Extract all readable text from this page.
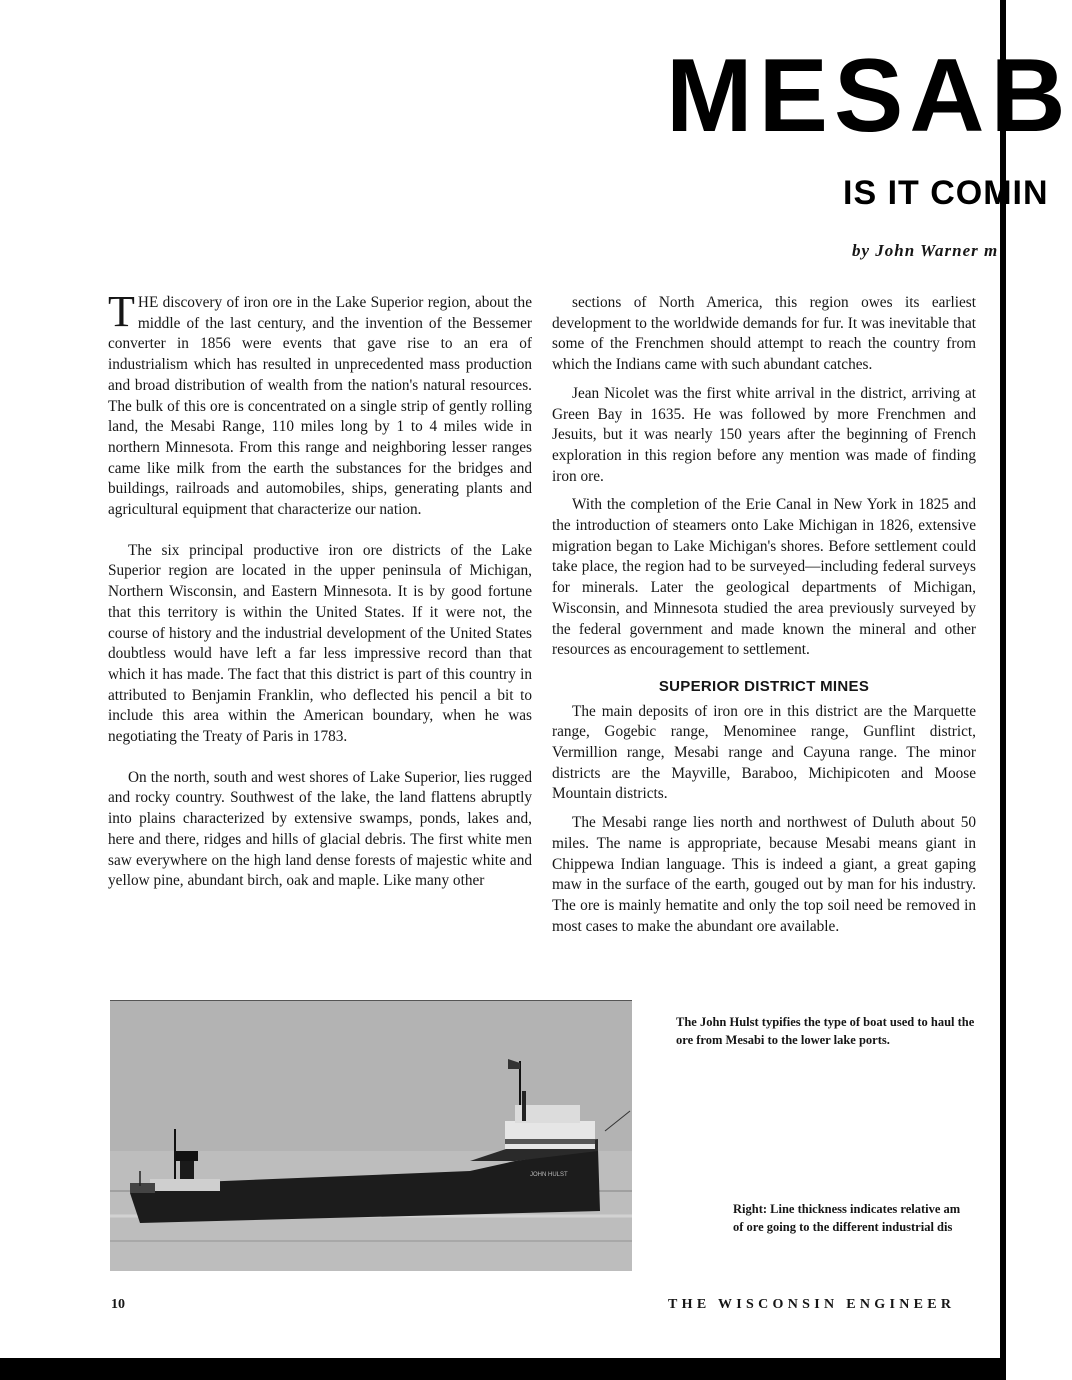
MESAB
IS IT COMIN
by John Warner m

THE discovery of iron ore in the Lake Superior region, about the middle of the last century, and the invention of the Bessemer converter in 1856 were events that gave rise to an era of industrialism which has resulted in unprecedented mass production and broad distribution of wealth from the nation's natural resources. The bulk of this ore is concentrated on a single strip of gently rolling land, the Mesabi Range, 110 miles long by 1 to 4 miles wide in northern Minnesota. From this range and neighboring lesser ranges came like milk from the earth the substances for the bridges and buildings, railroads and automobiles, ships, generating plants and agricultural equipment that characterize our nation.

The six principal productive iron ore districts of the Lake Superior region are located in the upper peninsula of Michigan, Northern Wisconsin, and Eastern Minnesota. It is by good fortune that this territory is within the United States. If it were not, the course of history and the industrial development of the United States doubtless would have left a far less impressive record than that which it has made. The fact that this district is part of this country in attributed to Benjamin Franklin, who deflected his pencil a bit to include this area within the American boundary, when he was negotiating the Treaty of Paris in 1783.

On the north, south and west shores of Lake Superior, lies rugged and rocky country. Southwest of the lake, the land flattens abruptly into plains characterized by extensive swamps, ponds, lakes and, here and there, ridges and hills of glacial debris. The first white men saw everywhere on the high land dense forests of majestic white and yellow pine, abundant birch, oak and maple. Like many other

sections of North America, this region owes its earliest development to the worldwide demands for fur. It was inevitable that some of the Frenchmen should attempt to reach the country from which the Indians came with such abundant catches.

Jean Nicolet was the first white arrival in the district, arriving at Green Bay in 1635. He was followed by more Frenchmen and Jesuits, but it was nearly 150 years after the beginning of French exploration in this region before any mention was made of finding iron ore.

With the completion of the Erie Canal in New York in 1825 and the introduction of steamers onto Lake Michigan in 1826, extensive migration began to Lake Michigan's shores. Before settlement could take place, the region had to be surveyed—including federal surveys for minerals. Later the geological departments of Michigan, Wisconsin, and Minnesota studied the area previously surveyed by the federal government and made known the mineral and other resources as encouragement to settlement.

SUPERIOR DISTRICT MINES

The main deposits of iron ore in this district are the Marquette range, Gogebic range, Menominee range, Gunflint district, Vermillion range, Mesabi range and Cayuna range. The minor districts are the Mayville, Baraboo, Michipicoten and Moose Mountain districts.

The Mesabi range lies north and northwest of Duluth about 50 miles. The name is appropriate, because Mesabi means giant in Chippewa Indian language. This is indeed a giant, a great gaping maw in the surface of the earth, gouged out by man for his industry. The ore is mainly hematite and only the top soil need be removed in most cases to make the abundant ore available.

JOHN HULST
The John Hulst typifies the type of boat used to haul the ore from Mesabi to the lower lake ports.
Right: Line thickness indicates relative am
of ore going to the different industrial dis
10	THE WISCONSIN ENGINEER
